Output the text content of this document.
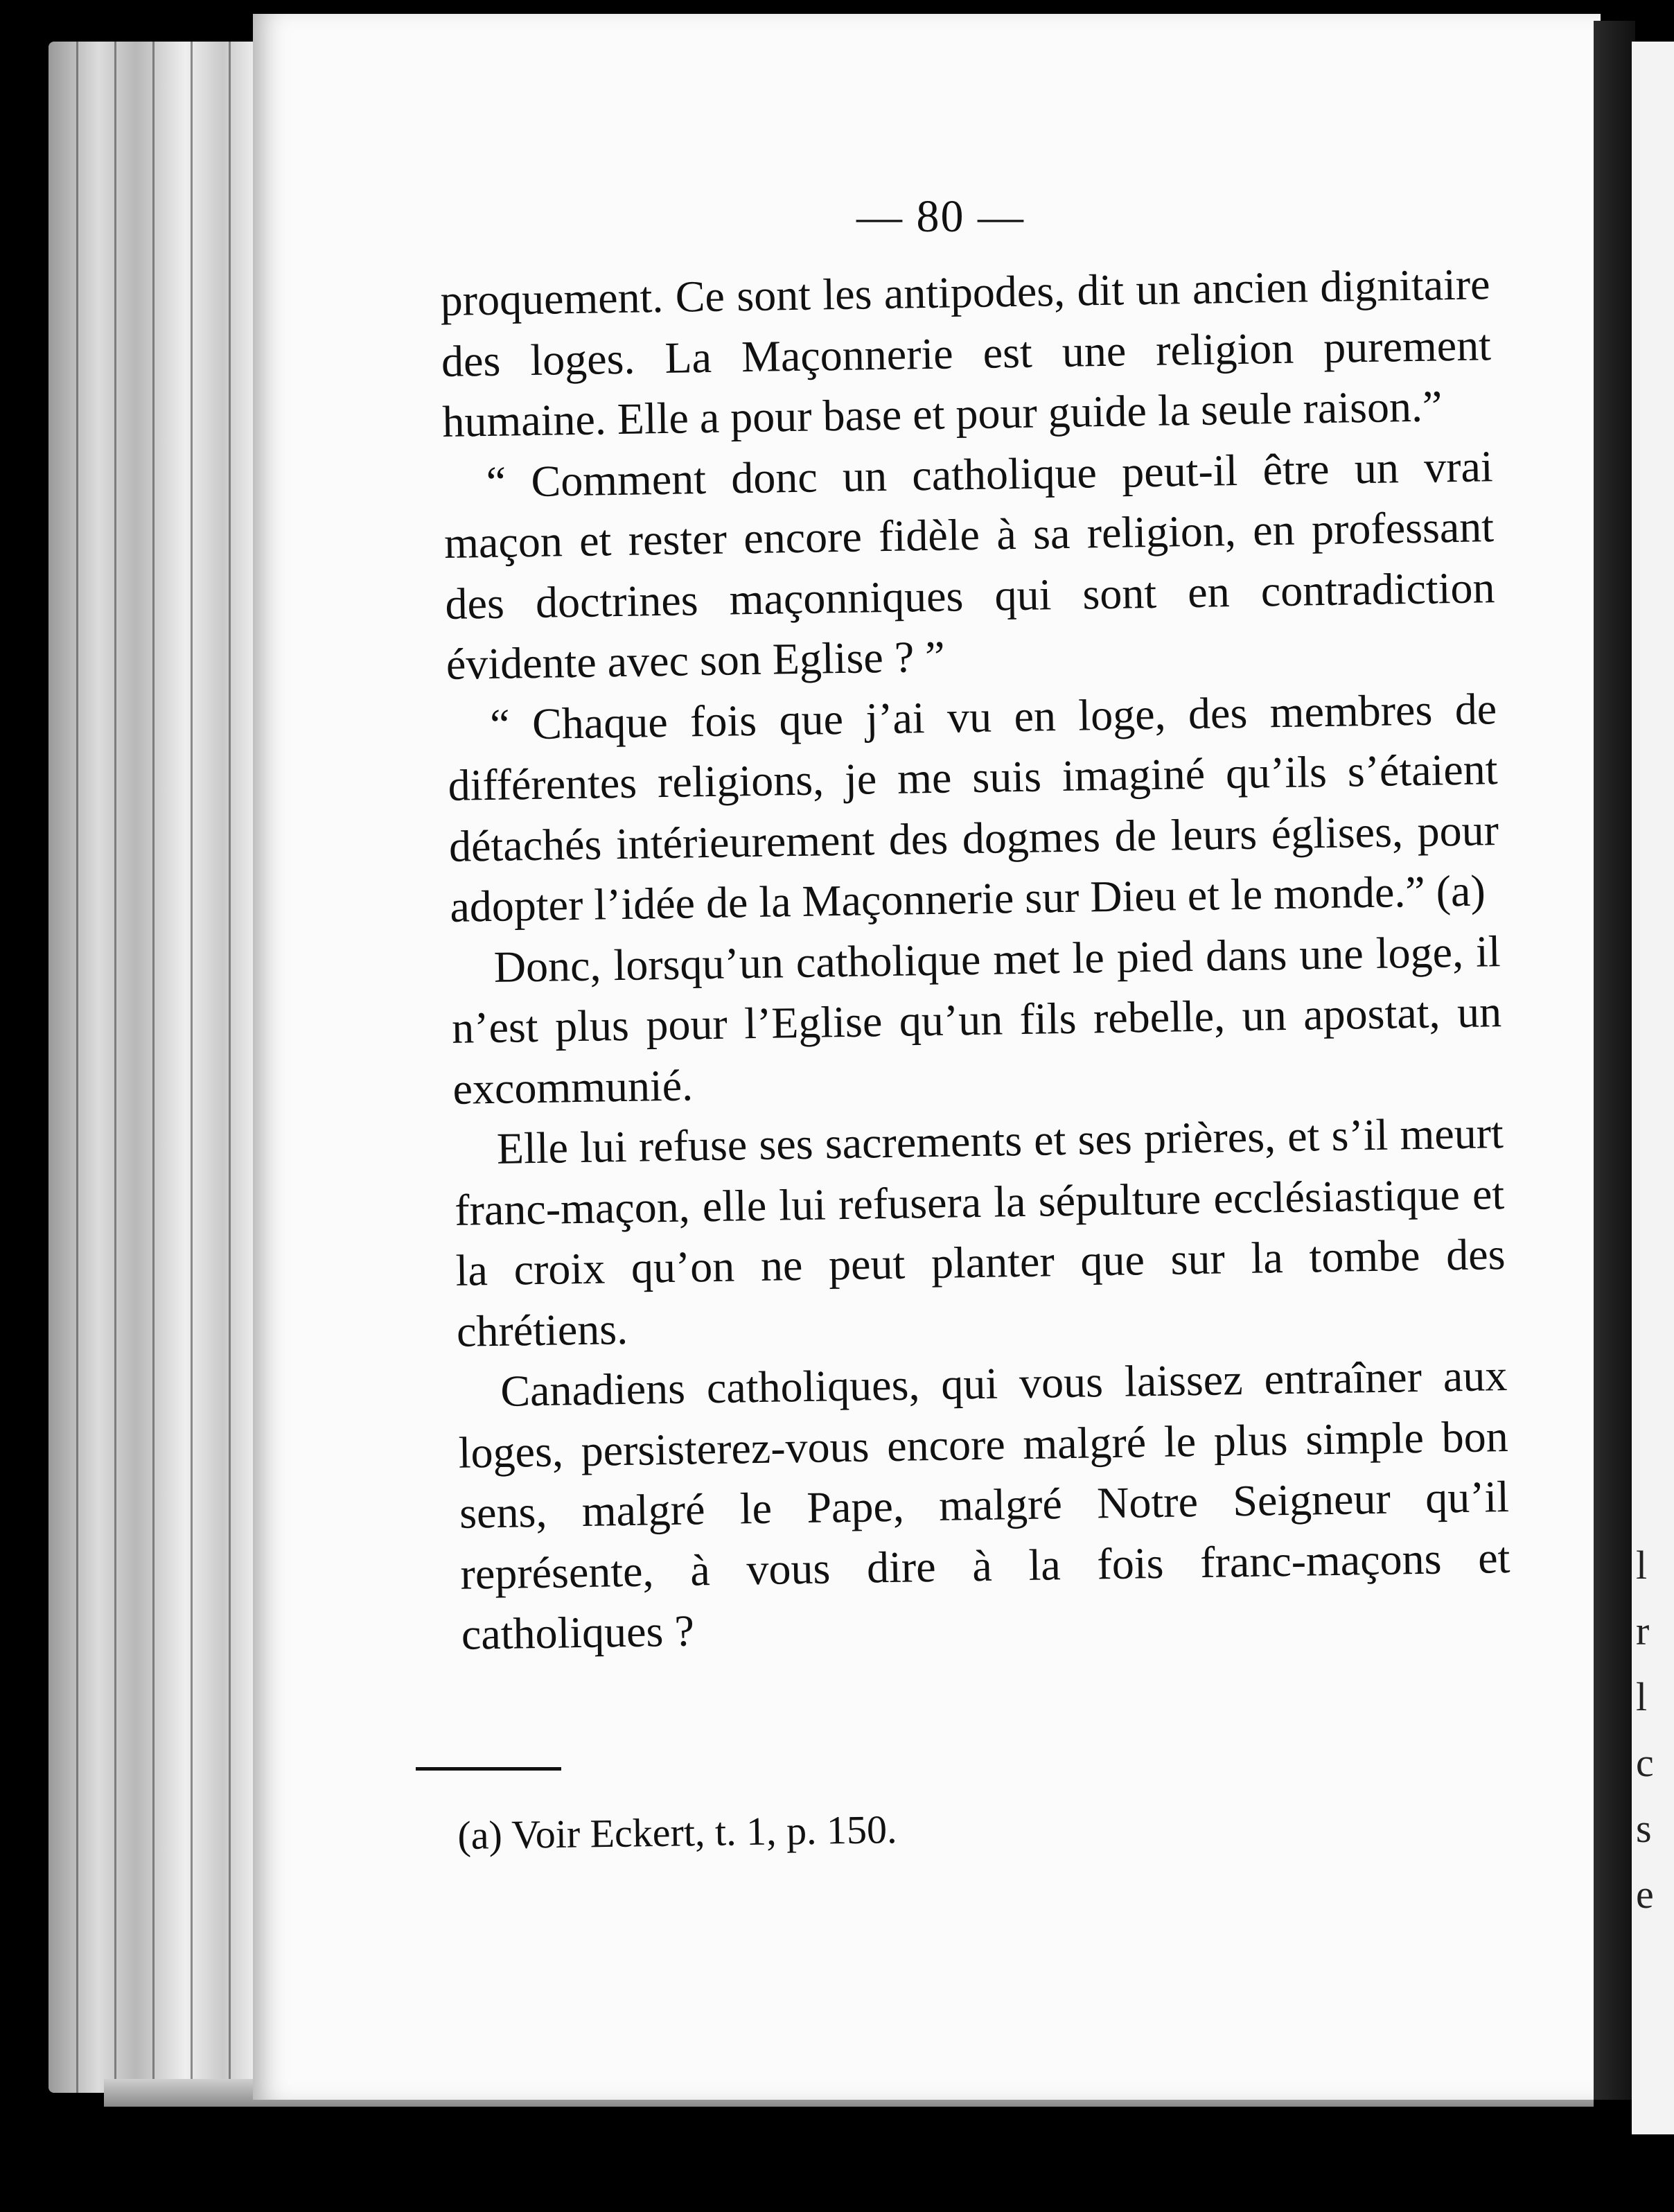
— 80 —

proquement. Ce sont les antipodes, dit un ancien dignitaire des loges. La Maçonnerie est une religion purement humaine. Elle a pour base et pour guide la seule raison.”

“ Comment donc un catholique peut-il être un vrai maçon et rester encore fidèle à sa religion, en professant des doctrines maçonniques qui sont en contradiction évidente avec son Eglise ? ”

“ Chaque fois que j’ai vu en loge, des membres de différentes religions, je me suis imaginé qu’ils s’étaient détachés intérieurement des dogmes de leurs églises, pour adopter l’idée de la Maçonnerie sur Dieu et le monde.” (a)

Donc, lorsqu’un catholique met le pied dans une loge, il n’est plus pour l’Eglise qu’un fils rebelle, un apostat, un excommunié.

Elle lui refuse ses sacrements et ses prières, et s’il meurt franc-maçon, elle lui refusera la sépulture ecclésiastique et la croix qu’on ne peut planter que sur la tombe des chrétiens.

Canadiens catholiques, qui vous laissez entraîner aux loges, persisterez-vous encore malgré le plus simple bon sens, malgré le Pape, malgré Notre Seigneur qu’il représente, à vous dire à la fois franc-maçons et catholiques ?

(a) Voir Eckert, t. 1, p. 150.
l
r
l
c
s
e
